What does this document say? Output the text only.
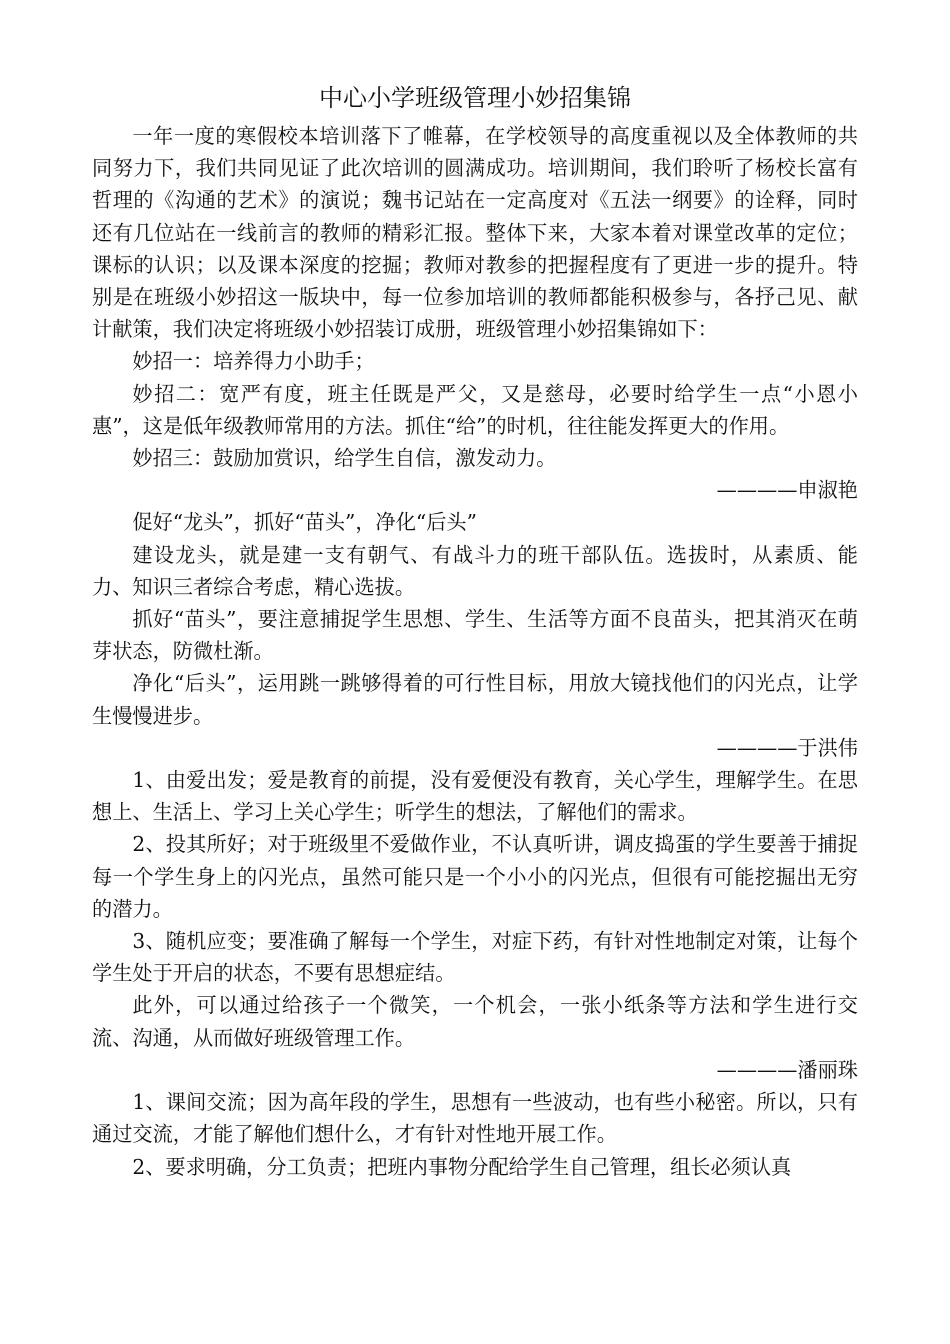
中心小学班级管理小妙招集锦

一年一度的寒假校本培训落下了帷幕，在学校领导的高度重视以及全体教师的共同努力下，我们共同见证了此次培训的圆满成功。培训期间，我们聆听了杨校长富有哲理的《沟通的艺术》的演说；魏书记站在一定高度对《五法一纲要》的诠释，同时还有几位站在一线前言的教师的精彩汇报。整体下来，大家本着对课堂改革的定位；课标的认识；以及课本深度的挖掘；教师对教参的把握程度有了更进一步的提升。特别是在班级小妙招这一版块中，每一位参加培训的教师都能积极参与，各抒己见、献计献策，我们决定将班级小妙招装订成册，班级管理小妙招集锦如下：

妙招一：培养得力小助手；

妙招二：宽严有度，班主任既是严父，又是慈母，必要时给学生一点“小恩小惠”，这是低年级教师常用的方法。抓住“给”的时机，往往能发挥更大的作用。

妙招三：鼓励加赏识，给学生自信，激发动力。

————申淑艳

促好“龙头”，抓好“苗头”，净化“后头”

建设龙头，就是建一支有朝气、有战斗力的班干部队伍。选拔时，从素质、能力、知识三者综合考虑，精心选拔。

抓好“苗头”，要注意捕捉学生思想、学生、生活等方面不良苗头，把其消灭在萌芽状态，防微杜渐。

净化“后头”，运用跳一跳够得着的可行性目标，用放大镜找他们的闪光点，让学生慢慢进步。

————于洪伟

1、由爱出发；爱是教育的前提，没有爱便没有教育，关心学生，理解学生。在思想上、生活上、学习上关心学生；听学生的想法，了解他们的需求。

2、投其所好；对于班级里不爱做作业，不认真听讲，调皮捣蛋的学生要善于捕捉每一个学生身上的闪光点，虽然可能只是一个小小的闪光点，但很有可能挖掘出无穷的潜力。

3、随机应变；要准确了解每一个学生，对症下药，有针对性地制定对策，让每个学生处于开启的状态，不要有思想症结。

此外，可以通过给孩子一个微笑，一个机会，一张小纸条等方法和学生进行交流、沟通，从而做好班级管理工作。

————潘丽珠

1、课间交流；因为高年段的学生，思想有一些波动，也有些小秘密。所以，只有通过交流，才能了解他们想什么，才有针对性地开展工作。

2、要求明确，分工负责；把班内事物分配给学生自己管理，组长必须认真
